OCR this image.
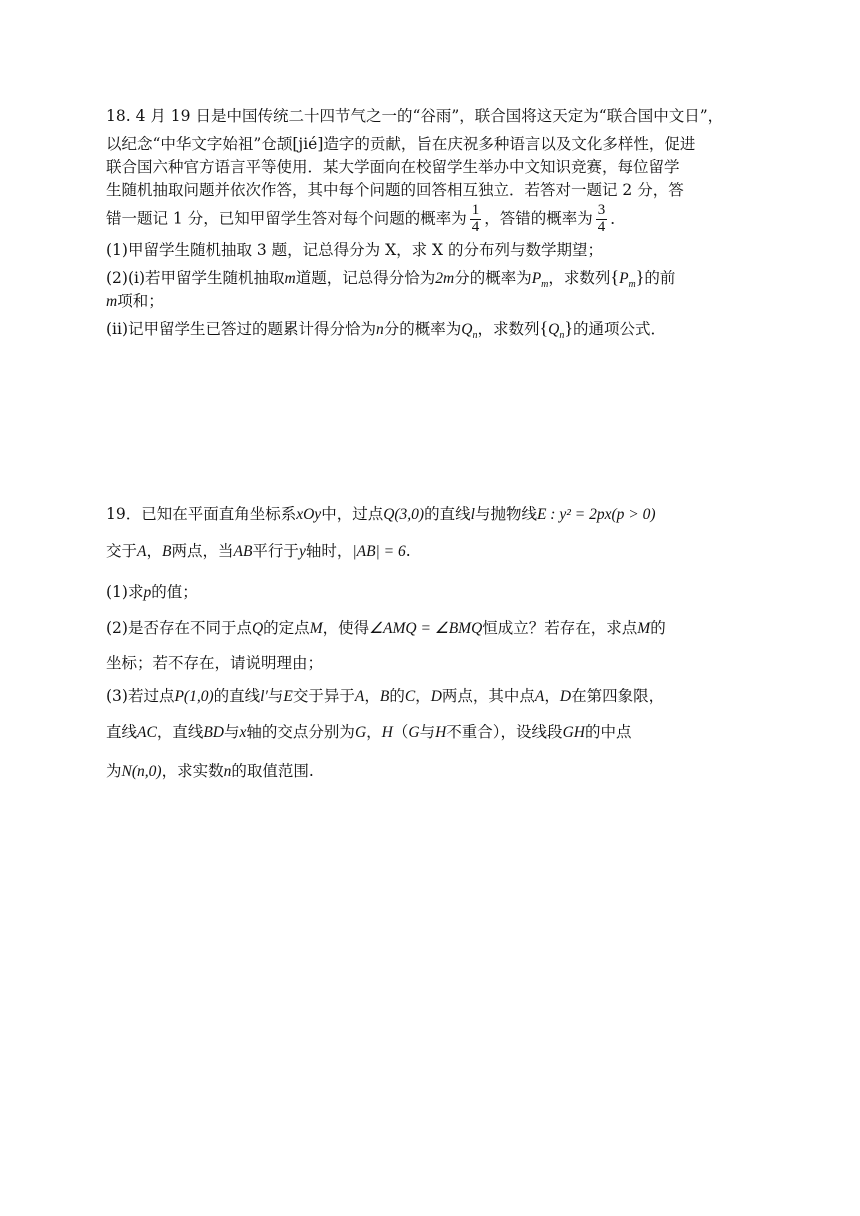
18. 4 月 19 日是中国传统二十四节气之一的“谷雨”，联合国将这天定为“联合国中文日”，
以纪念“中华文字始祖”仓颉[jié]造字的贡献，旨在庆祝多种语言以及文化多样性，促进
联合国六种官方语言平等使用．某大学面向在校留学生举办中文知识竞赛，每位留学
生随机抽取问题并依次作答，其中每个问题的回答相互独立．若答对一题记 2 分，答
错一题记 1 分，已知甲留学生答对每个问题的概率为 $\frac{1}{4}$ ，答错的概率为 $\frac{3}{4}$ ．
(1)甲留学生随机抽取 3 题，记总得分为 X，求 X 的分布列与数学期望；
(2)(i)若甲留学生随机抽取m道题，记总得分恰为2m分的概率为$P_m$，求数列$\{P_m\}$的前
m项和；
(ii)记甲留学生已答过的题累计得分恰为n分的概率为$Q_n$，求数列$\{Q_n\}$的通项公式．
19．已知在平面直角坐标系xOy中，过点Q(3,0)的直线l与抛物线E : y² = 2px(p > 0)
交于A，B两点，当AB平行于y轴时，|AB| = 6.
(1)求p的值；
(2)是否存在不同于点Q的定点M，使得∠AMQ = ∠BMQ恒成立？若存在，求点M的
坐标；若不存在，请说明理由；
(3)若过点P(1,0)的直线l′与E交于异于A，B的C，D两点，其中点A，D在第四象限，
直线AC，直线BD与x轴的交点分别为G，H（G与H不重合），设线段GH的中点
为N(n,0)，求实数n的取值范围.
